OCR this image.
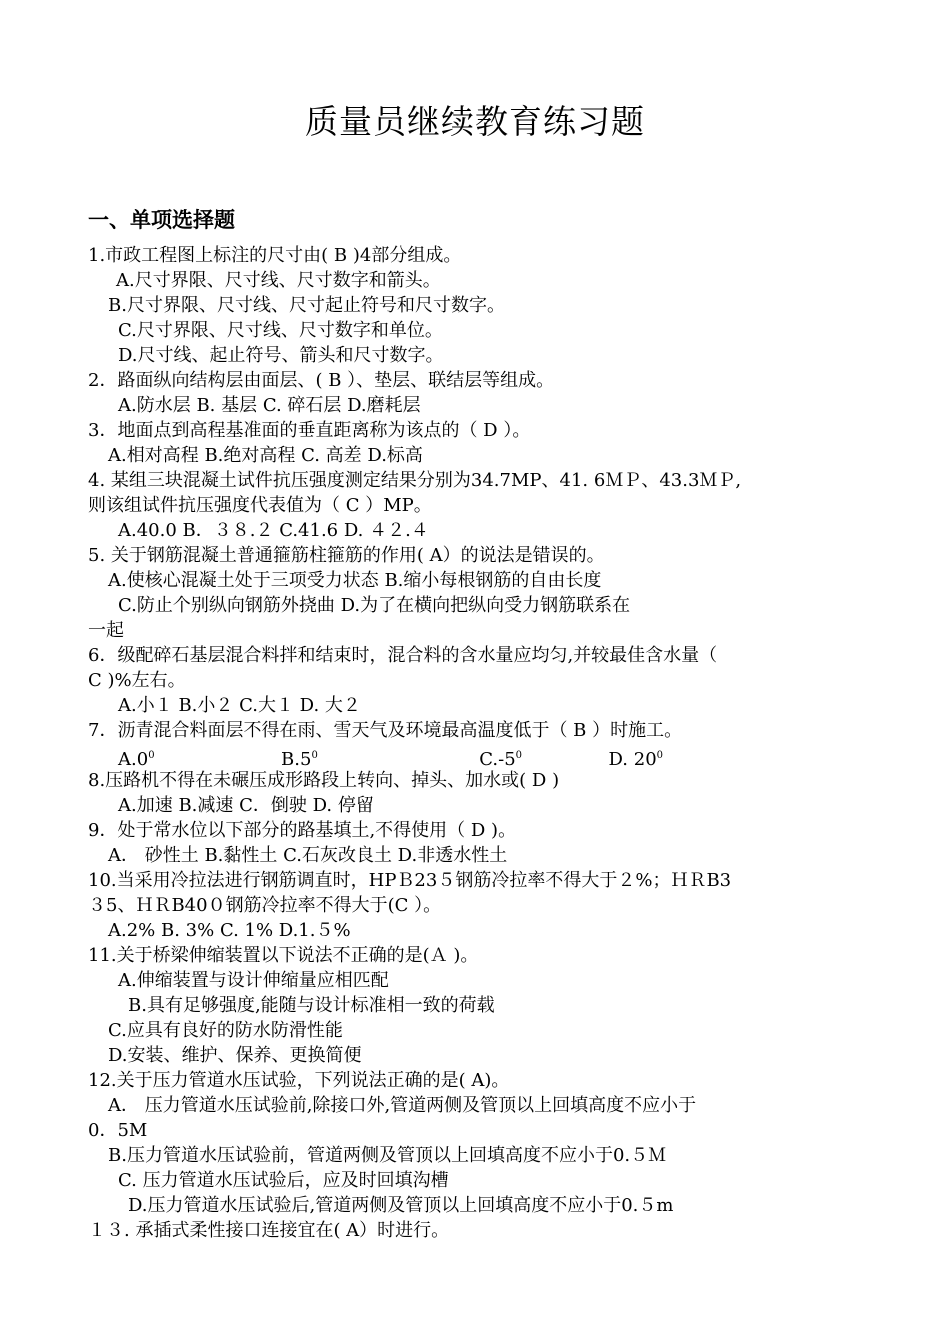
质量员继续教育练习题
一、单项选择题
1.市政工程图上标注的尺寸由( B )4部分组成。
A.尺寸界限、尺寸线、尺寸数字和箭头。
B.尺寸界限、尺寸线、尺寸起止符号和尺寸数字。
C.尺寸界限、尺寸线、尺寸数字和单位。
D.尺寸线、起止符号、箭头和尺寸数字。
2．路面纵向结构层由面层、( B ）、垫层、联结层等组成。
A.防水层 B. 基层 C. 碎石层 D.磨耗层
3．地面点到高程基准面的垂直距离称为该点的（ D ）。
A.相对高程 B.绝对高程 C. 高差 D.标高
4. 某组三块混凝土试件抗压强度测定结果分别为34.7MP、41. 6ＭＰ、43.3ＭＰ,
则该组试件抗压强度代表值为（ C ）MP。
A.40.0 B．３８.２ C.41.6 D. ４２.４
5. 关于钢筋混凝土普通箍筋柱箍筋的作用( A）的说法是错误的。
A.使核心混凝土处于三项受力状态 B.缩小每根钢筋的自由长度
C.防止个别纵向钢筋外挠曲 D.为了在横向把纵向受力钢筋联系在
一起
6．级配碎石基层混合料拌和结束时，混合料的含水量应均匀,并较最佳含水量（
C )%左右。
A.小１ B.小２ C.大１ D. 大２
7．沥青混合料面层不得在雨、雪天气及环境最高温度低于（ B ）时施工。
$A.0^0$	$B.5^0$	$C.-5^0$	D. $20^0$
8.压路机不得在未碾压成形路段上转向、掉头、加水或( D )
A.加速 B.减速 C．倒驶 D. 停留
9．处于常水位以下部分的路基填土,不得使用（ D )。
A． 砂性土 B.黏性土 C.石灰改良土 D.非透水性土
10.当采用冷拉法进行钢筋调直时，HPＢ23５钢筋冷拉率不得大于２%；ＨＲB3
３5、ＨＲB40０钢筋冷拉率不得大于(C ）。
A.2% B. 3% C. 1% D.1.５%
11.关于桥梁伸缩装置以下说法不正确的是(Ａ )。
A.伸缩装置与设计伸缩量应相匹配
B.具有足够强度,能随与设计标准相一致的荷载
C.应具有良好的防水防滑性能
D.安装、维护、保养、更换简便
12.关于压力管道水压试验，下列说法正确的是( A)。
A． 压力管道水压试验前,除接口外,管道两侧及管顶以上回填高度不应小于
0．5M
B.压力管道水压试验前，管道两侧及管顶以上回填高度不应小于0.５Ｍ
C. 压力管道水压试验后，应及时回填沟槽
D.压力管道水压试验后,管道两侧及管顶以上回填高度不应小于0.５m
１３. 承插式柔性接口连接宜在( A）时进行。
